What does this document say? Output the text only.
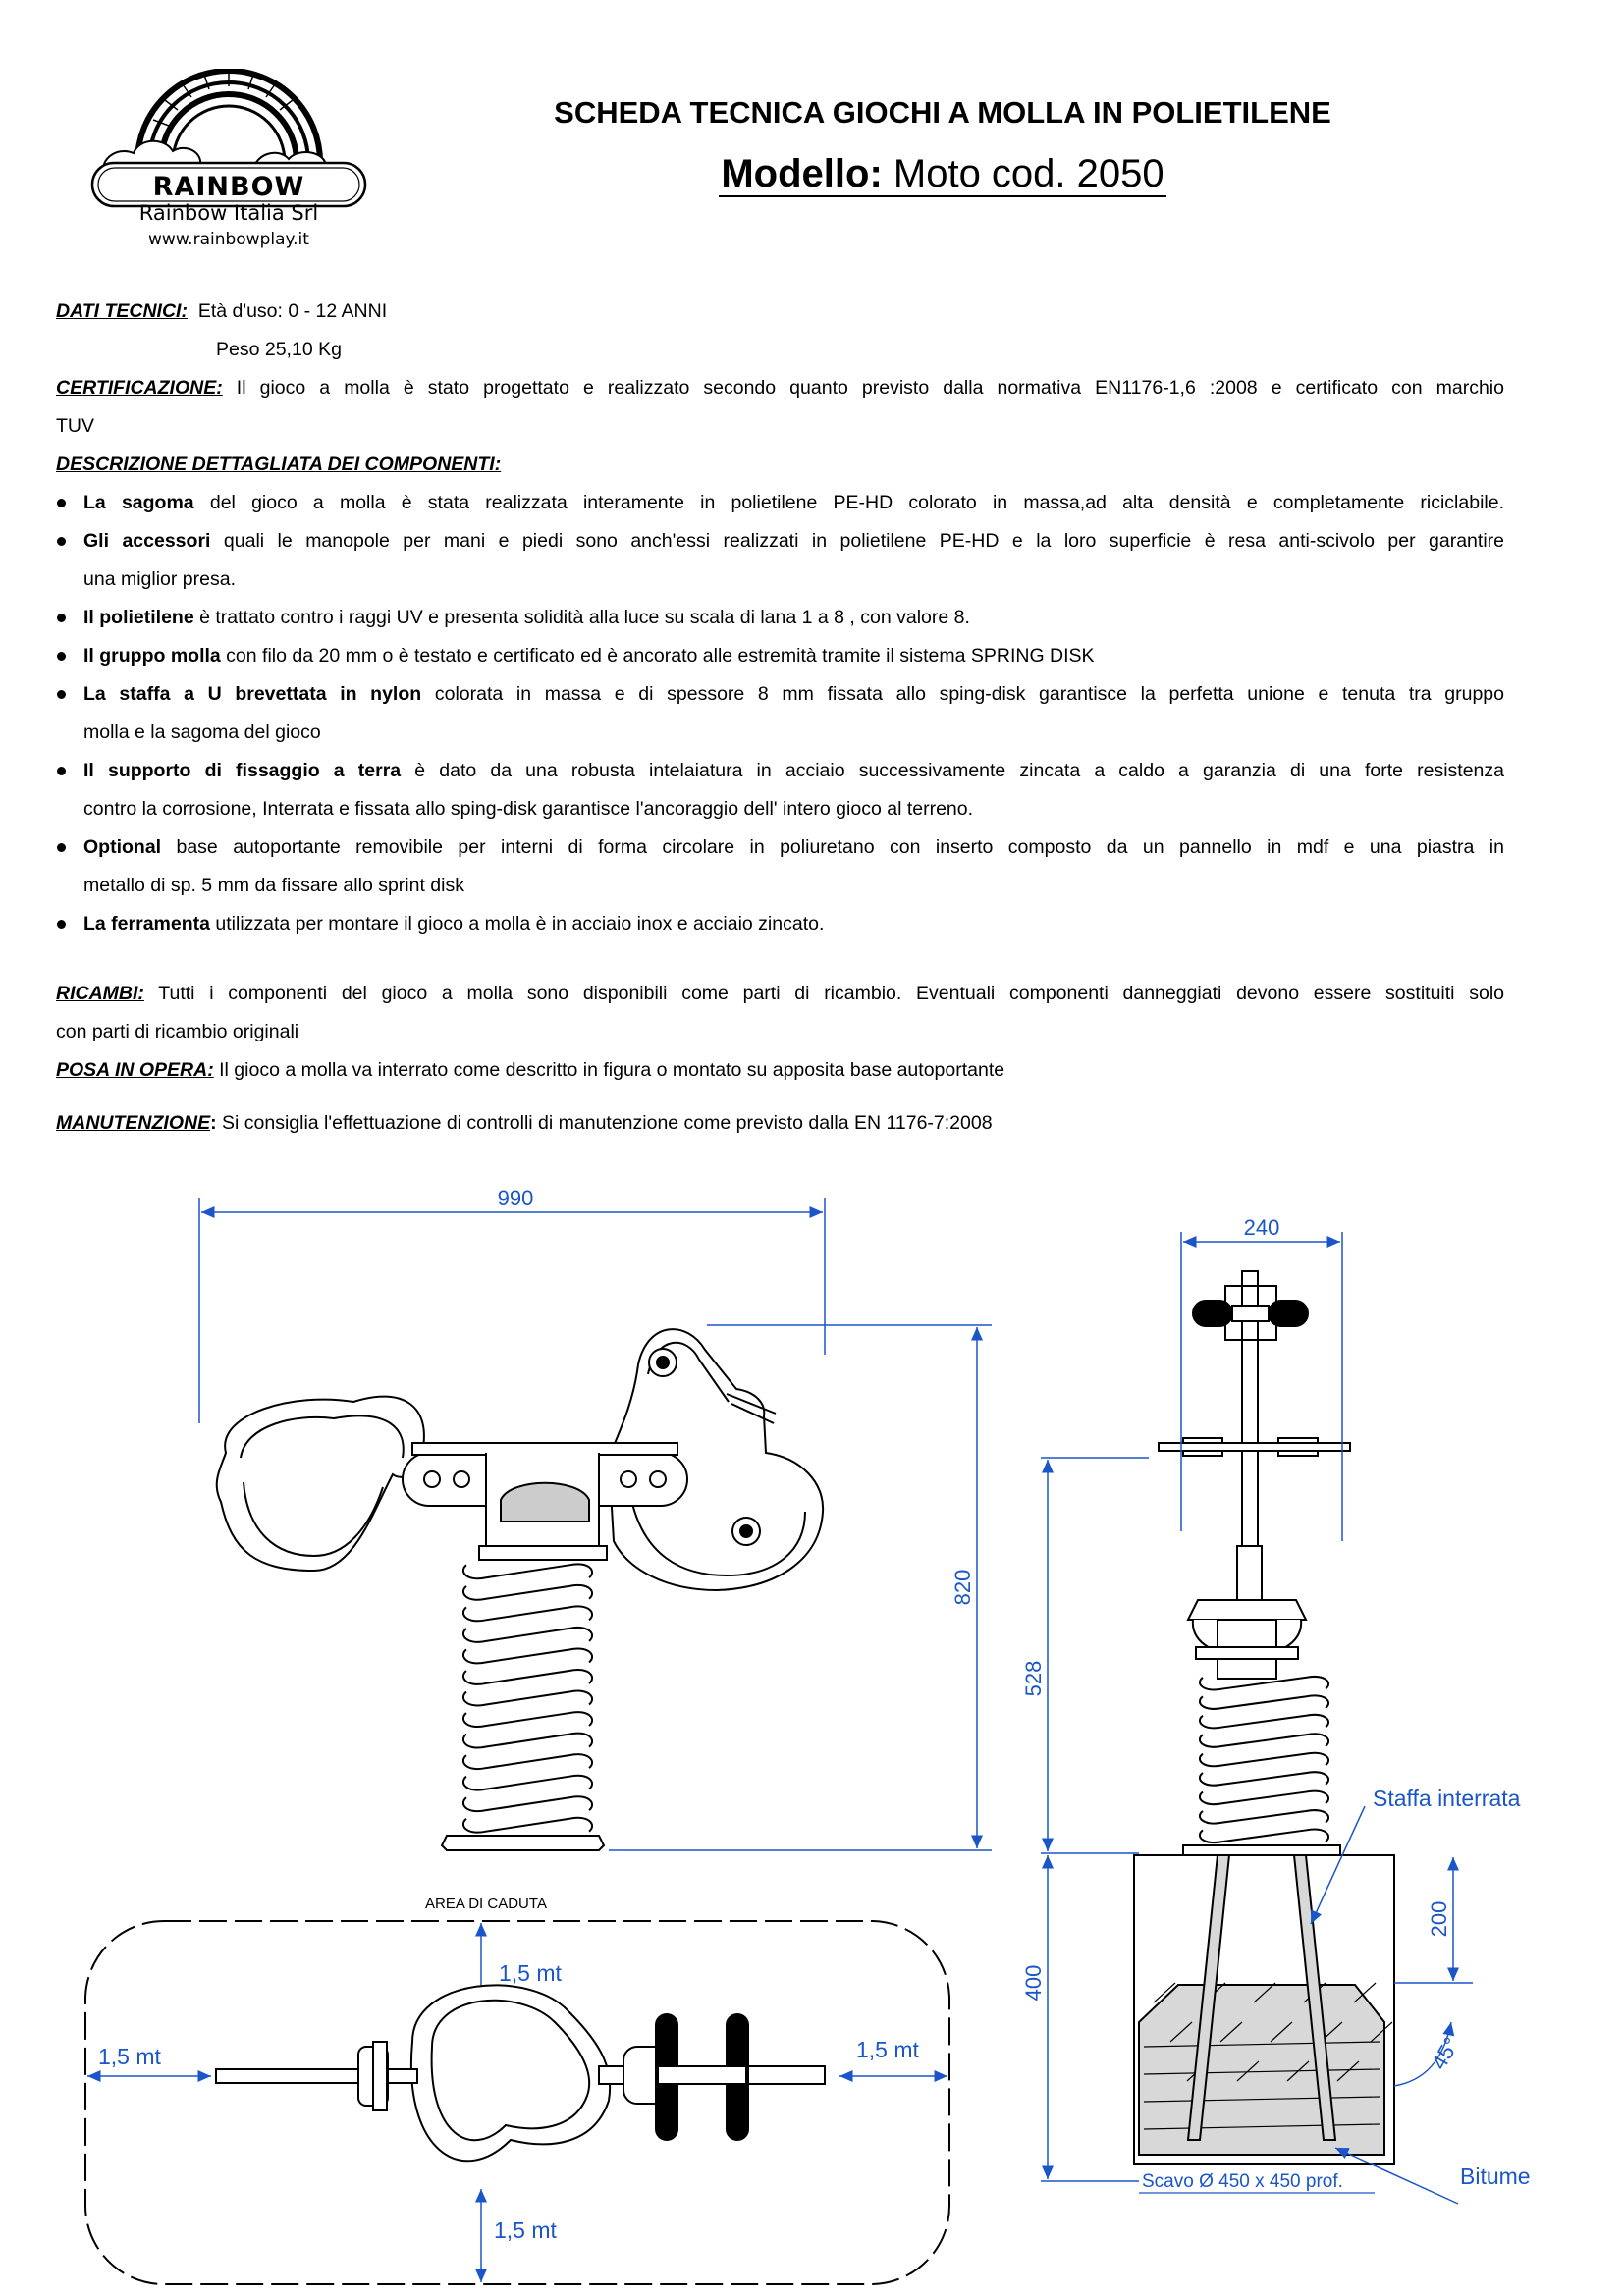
RAINBOW
Rainbow Italia Srl
www.rainbowplay.it
SCHEDA TECNICA GIOCHI A MOLLA IN POLIETILENE
Modello: Moto cod. 2050
DATI TECNICI: Età d'uso: 0 - 12 ANNI
Peso 25,10 Kg
CERTIFICAZIONE: Il gioco a molla è stato progettato e realizzato secondo quanto previsto dalla normativa EN1176-1,6 :2008 e certificato con marchio
TUV
DESCRIZIONE DETTAGLIATA DEI COMPONENTI:
La sagoma del gioco a molla è stata realizzata interamente in polietilene PE-HD colorato in massa,ad alta densità e completamente riciclabile.
Gli accessori quali le manopole per mani e piedi sono anch'essi realizzati in polietilene PE-HD e la loro superficie è resa anti-scivolo per garantire
una miglior presa.
Il polietilene è trattato contro i raggi UV e presenta solidità alla luce su scala di lana 1 a 8 , con valore 8.
Il gruppo molla con filo da 20 mm o è testato e certificato ed è ancorato alle estremità tramite il sistema SPRING DISK
La staffa a U brevettata in nylon colorata in massa e di spessore 8 mm fissata allo sping-disk garantisce la perfetta unione e tenuta tra gruppo
molla e la sagoma del gioco
Il supporto di fissaggio a terra è dato da una robusta intelaiatura in acciaio successivamente zincata a caldo a garanzia di una forte resistenza
contro la corrosione, Interrata e fissata allo sping-disk garantisce l'ancoraggio dell' intero gioco al terreno.
Optional base autoportante removibile per interni di forma circolare in poliuretano con inserto composto da un pannello in mdf e una piastra in
metallo di sp. 5 mm da fissare allo sprint disk
La ferramenta utilizzata per montare il gioco a molla è in acciaio inox e acciaio zincato.
RICAMBI: Tutti i componenti del gioco a molla sono disponibili come parti di ricambio. Eventuali componenti danneggiati devono essere sostituiti solo
con parti di ricambio originali
POSA IN OPERA: Il gioco a molla va interrato come descritto in figura o montato su apposita base autoportante
MANUTENZIONE: Si consiglia l'effettuazione di controlli di manutenzione come previsto dalla EN 1176-7:2008
990
820
240
528
400
200
45°
Staffa interrata
Bitume
Scavo Ø 450 x 450 prof.
AREA DI CADUTA
1,5 mt
1,5 mt
1,5 mt	1,5 mt
